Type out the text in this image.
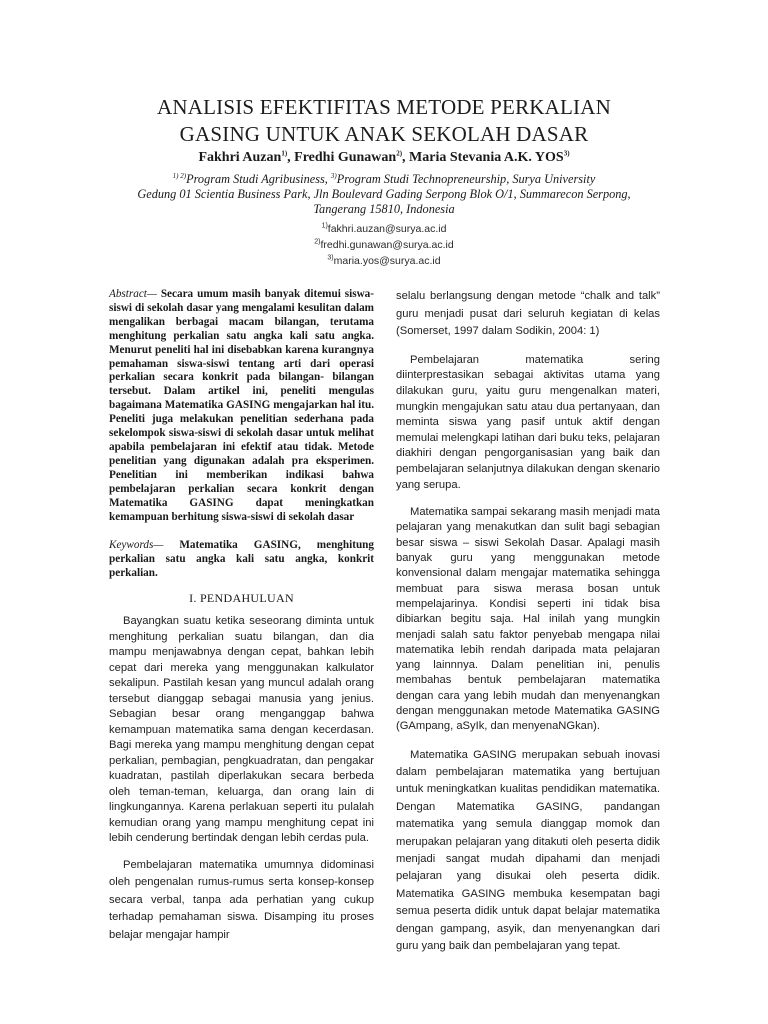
ANALISIS EFEKTIFITAS METODE PERKALIAN
GASING UNTUK ANAK SEKOLAH DASAR
Fakhri Auzan$^{1)}$, Fredhi Gunawan$^{2)}$, Maria Stevania A.K. YOS$^{3)}$
$^{1) 2)}$Program Studi Agribusiness, $^{3)}$Program Studi Technopreneurship, Surya University
Gedung 01 Scientia Business Park, Jln Boulevard Gading Serpong Blok O/1, Summarecon Serpong,
Tangerang 15810, Indonesia
$^{1)}$fakhri.auzan@surya.ac.id
$^{2)}$fredhi.gunawan@surya.ac.id
$^{3)}$maria.yos@surya.ac.id

Abstract— Secara umum masih banyak ditemui siswa-siswi di sekolah dasar yang mengalami kesulitan dalam mengalikan berbagai macam bilangan, terutama menghitung perkalian satu angka kali satu angka. Menurut peneliti hal ini disebabkan karena kurangnya pemahaman siswa-siswi tentang arti dari operasi perkalian secara konkrit pada bilangan- bilangan tersebut. Dalam artikel ini, peneliti mengulas bagaimana Matematika GASING mengajarkan hal itu. Peneliti juga melakukan penelitian sederhana pada sekelompok siswa-siswi di sekolah dasar untuk melihat apabila pembelajaran ini efektif atau tidak. Metode penelitian yang digunakan adalah pra eksperimen. Penelitian ini memberikan indikasi bahwa pembelajaran perkalian secara konkrit dengan Matematika GASING dapat meningkatkan kemampuan berhitung siswa-siswi di sekolah dasar

Keywords— Matematika GASING, menghitung perkalian satu angka kali satu angka, konkrit perkalian.

I. PENDAHULUAN

Bayangkan suatu ketika seseorang diminta untuk menghitung perkalian suatu bilangan, dan dia mampu menjawabnya dengan cepat, bahkan lebih cepat dari mereka yang menggunakan kalkulator sekalipun. Pastilah kesan yang muncul adalah orang tersebut dianggap sebagai manusia yang jenius. Sebagian besar orang menganggap bahwa kemampuan matematika sama dengan kecerdasan. Bagi mereka yang mampu menghitung dengan cepat perkalian, pembagian, pengkuadratan, dan pengakar kuadratan, pastilah diperlakukan secara berbeda oleh teman-teman, keluarga, dan orang lain di lingkungannya. Karena perlakuan seperti itu pulalah kemudian orang yang mampu menghitung cepat ini lebih cenderung bertindak dengan lebih cerdas pula.

Pembelajaran matematika umumnya didominasi oleh pengenalan rumus-rumus serta konsep-konsep secara verbal, tanpa ada perhatian yang cukup terhadap pemahaman siswa. Disamping itu proses belajar mengajar hampir

selalu berlangsung dengan metode “chalk and talk” guru menjadi pusat dari seluruh kegiatan di kelas (Somerset, 1997 dalam Sodikin, 2004: 1)

Pembelajaran matematika sering diinterprestasikan sebagai aktivitas utama yang dilakukan guru, yaitu guru mengenalkan materi, mungkin mengajukan satu atau dua pertanyaan, dan meminta siswa yang pasif untuk aktif dengan memulai melengkapi latihan dari buku teks, pelajaran diakhiri dengan pengorganisasian yang baik dan pembelajaran selanjutnya dilakukan dengan skenario yang serupa.

Matematika sampai sekarang masih menjadi mata pelajaran yang menakutkan dan sulit bagi sebagian besar siswa – siswi Sekolah Dasar. Apalagi masih banyak guru yang menggunakan metode konvensional dalam mengajar matematika sehingga membuat para siswa merasa bosan untuk mempelajarinya. Kondisi seperti ini tidak bisa dibiarkan begitu saja. Hal inilah yang mungkin menjadi salah satu faktor penyebab mengapa nilai matematika lebih rendah daripada mata pelajaran yang lainnnya. Dalam penelitian ini, penulis membahas bentuk pembelajaran matematika dengan cara yang lebih mudah dan menyenangkan dengan menggunakan metode Matematika GASING (GAmpang, aSyIk, dan menyenaNGkan).

Matematika GASING merupakan sebuah inovasi dalam pembelajaran matematika yang bertujuan untuk meningkatkan kualitas pendidikan matematika. Dengan Matematika GASING, pandangan matematika yang semula dianggap momok dan merupakan pelajaran yang ditakuti oleh peserta didik menjadi sangat mudah dipahami dan menjadi pelajaran yang disukai oleh peserta didik. Matematika GASING membuka kesempatan bagi semua peserta didik untuk dapat belajar matematika dengan gampang, asyik, dan menyenangkan dari guru yang baik dan pembelajaran yang tepat.
